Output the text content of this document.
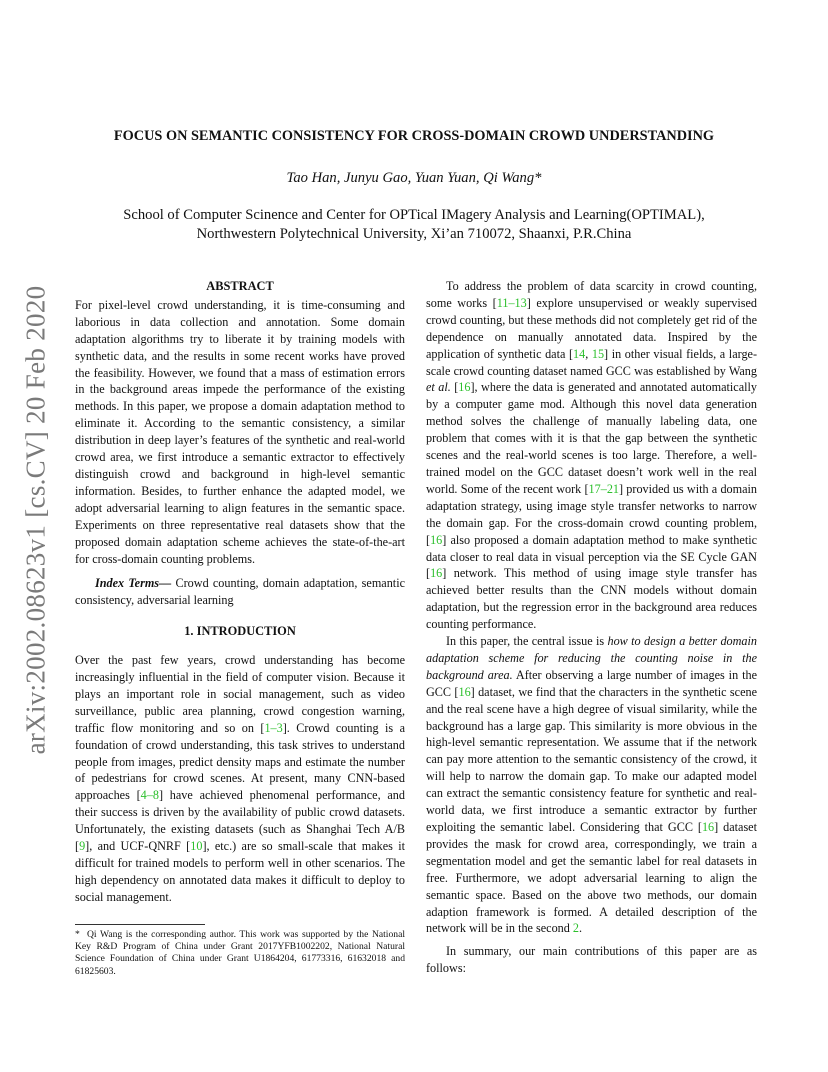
arXiv:2002.08623v1 [cs.CV] 20 Feb 2020
FOCUS ON SEMANTIC CONSISTENCY FOR CROSS-DOMAIN CROWD UNDERSTANDING
Tao Han, Junyu Gao, Yuan Yuan, Qi Wang*
School of Computer Scinence and Center for OPTical IMagery Analysis and Learning(OPTIMAL),
Northwestern Polytechnical University, Xi’an 710072, Shaanxi, P.R.China
ABSTRACT

For pixel-level crowd understanding, it is time-consuming and laborious in data collection and annotation. Some domain adaptation algorithms try to liberate it by training models with synthetic data, and the results in some recent works have proved the feasibility. However, we found that a mass of estimation errors in the background areas impede the performance of the existing methods. In this paper, we propose a domain adaptation method to eliminate it. According to the semantic consistency, a similar distribution in deep layer’s features of the synthetic and real-world crowd area, we first introduce a semantic extractor to effectively distinguish crowd and background in high-level semantic information. Besides, to further enhance the adapted model, we adopt adversarial learning to align features in the semantic space. Experiments on three representative real datasets show that the proposed domain adaptation scheme achieves the state-of-the-art for cross-domain counting problems.

Index Terms— Crowd counting, domain adaptation, semantic consistency, adversarial learning
1. INTRODUCTION

Over the past few years, crowd understanding has become increasingly influential in the field of computer vision. Because it plays an important role in social management, such as video surveillance, public area planning, crowd congestion warning, traffic flow monitoring and so on [1–3]. Crowd counting is a foundation of crowd understanding, this task strives to understand people from images, predict density maps and estimate the number of pedestrians for crowd scenes. At present, many CNN-based approaches [4–8] have achieved phenomenal performance, and their success is driven by the availability of public crowd datasets. Unfortunately, the existing datasets (such as Shanghai Tech A/B [9], and UCF-QNRF [10], etc.) are so small-scale that makes it difficult for trained models to perform well in other scenarios. The high dependency on annotated data makes it difficult to deploy to social management.

* Qi Wang is the corresponding author. This work was supported by the National Key R&D Program of China under Grant 2017YFB1002202, National Natural Science Foundation of China under Grant U1864204, 61773316, 61632018 and 61825603.

To address the problem of data scarcity in crowd counting, some works [11–13] explore unsupervised or weakly supervised crowd counting, but these methods did not completely get rid of the dependence on manually annotated data. Inspired by the application of synthetic data [14, 15] in other visual fields, a large-scale crowd counting dataset named GCC was established by Wang et al. [16], where the data is generated and annotated automatically by a computer game mod. Although this novel data generation method solves the challenge of manually labeling data, one problem that comes with it is that the gap between the synthetic scenes and the real-world scenes is too large. Therefore, a well-trained model on the GCC dataset doesn’t work well in the real world. Some of the recent work [17–21] provided us with a domain adaptation strategy, using image style transfer networks to narrow the domain gap. For the cross-domain crowd counting problem, [16] also proposed a domain adaptation method to make synthetic data closer to real data in visual perception via the SE Cycle GAN [16] network. This method of using image style transfer has achieved better results than the CNN models without domain adaptation, but the regression error in the background area reduces counting performance.

In this paper, the central issue is how to design a better domain adaptation scheme for reducing the counting noise in the background area. After observing a large number of images in the GCC [16] dataset, we find that the characters in the synthetic scene and the real scene have a high degree of visual similarity, while the background has a large gap. This similarity is more obvious in the high-level semantic representation. We assume that if the network can pay more attention to the semantic consistency of the crowd, it will help to narrow the domain gap. To make our adapted model can extract the semantic consistency feature for synthetic and real-world data, we first introduce a semantic extractor by further exploiting the semantic label. Considering that GCC [16] dataset provides the mask for crowd area, correspondingly, we train a segmentation model and get the semantic label for real datasets in free. Furthermore, we adopt adversarial learning to align the semantic space. Based on the above two methods, our domain adaption framework is formed. A detailed description of the network will be in the second 2.

In summary, our main contributions of this paper are as follows:
